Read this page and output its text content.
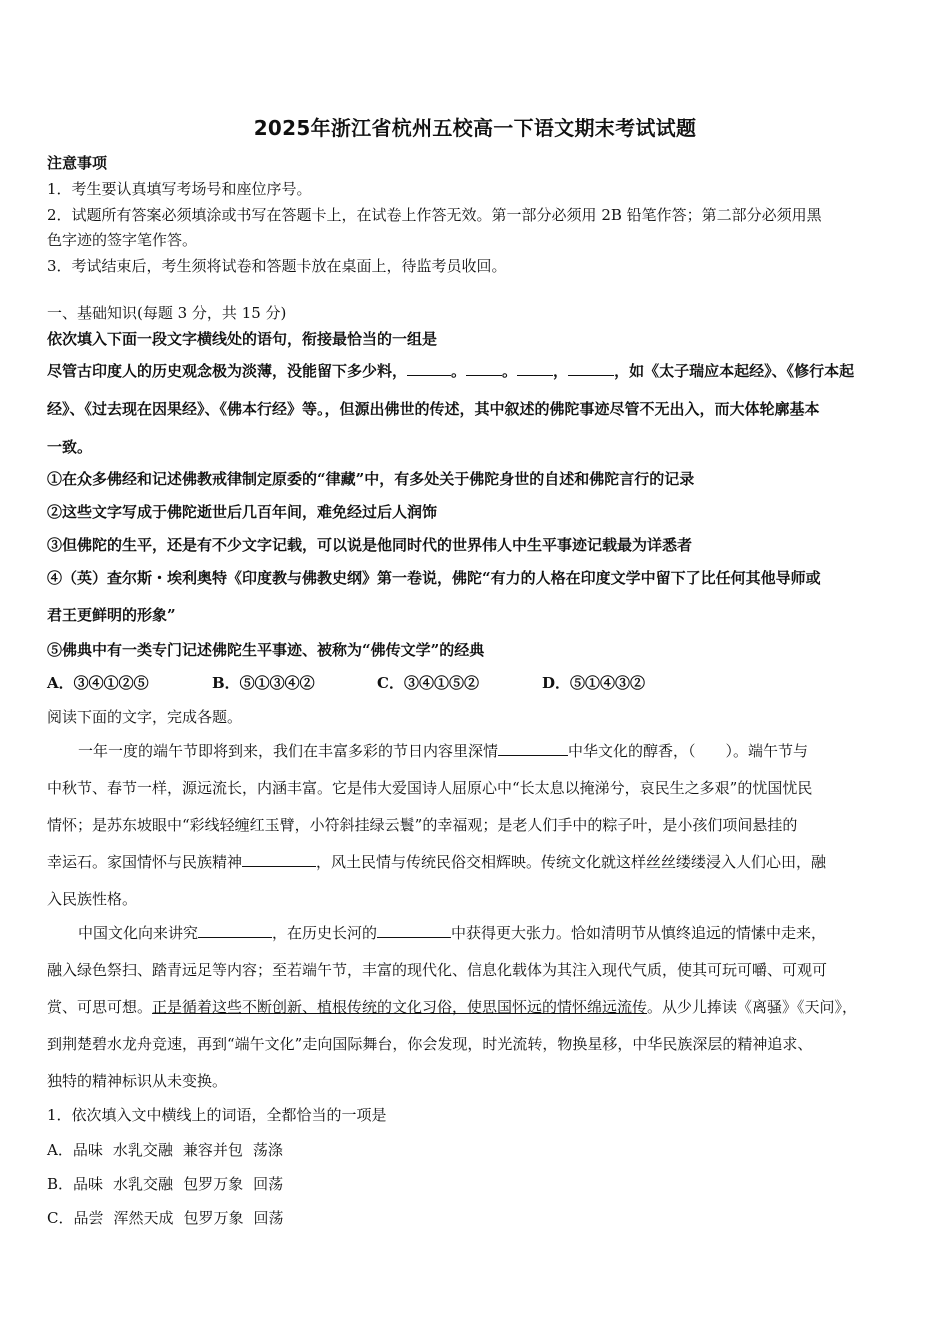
2025年浙江省杭州五校高一下语文期末考试试题
注意事项
1．考生要认真填写考场号和座位序号。
2．试题所有答案必须填涂或书写在答题卡上，在试卷上作答无效。第一部分必须用 2B 铅笔作答；第二部分必须用黑
色字迹的签字笔作答。
3．考试结束后，考生须将试卷和答题卡放在桌面上，待监考员收回。
一、基础知识(每题 3 分，共 15 分)
依次填入下面一段文字横线处的语句，衔接最恰当的一组是
尽管古印度人的历史观念极为淡薄，没能留下多少料，	。 。 ，	，如《太子瑞应本起经》、《修行本起
经》、《过去现在因果经》、《佛本行经》等。，但源出佛世的传述，其中叙述的佛陀事迹尽管不无出入，而大体轮廓基本
一致。
①在众多佛经和记述佛教戒律制定原委的“律藏”中，有多处关于佛陀身世的自述和佛陀言行的记录
②这些文字写成于佛陀逝世后几百年间，难免经过后人润饰
③但佛陀的生平，还是有不少文字记载，可以说是他同时代的世界伟人中生平事迹记载最为详悉者
④（英）查尔斯・埃利奥特《印度教与佛教史纲》第一卷说，佛陀“有力的人格在印度文学中留下了比任何其他导师或
君王更鲜明的形象”
⑤佛典中有一类专门记述佛陀生平事迹、被称为“佛传文学”的经典
A．③④①②⑤	B．⑤①③④②	C．③④①⑤②	D．⑤①④③②
阅读下面的文字，完成各题。
一年一度的端午节即将到来，我们在丰富多彩的节日内容里深情	中华文化的醇香，（　　）。端午节与
中秋节、春节一样，源远流长，内涵丰富。它是伟大爱国诗人屈原心中“长太息以掩涕兮，哀民生之多艰”的忧国忧民
情怀；是苏东坡眼中“彩线轻缠红玉臂，小符斜挂绿云鬟”的幸福观；是老人们手中的粽子叶，是小孩们项间悬挂的
幸运石。家国情怀与民族精神	，风土民情与传统民俗交相辉映。传统文化就这样丝丝缕缕浸入人们心田，融
入民族性格。
中国文化向来讲究	，在历史长河的	中获得更大张力。恰如清明节从慎终追远的情愫中走来，
融入绿色祭扫、踏青远足等内容；至若端午节，丰富的现代化、信息化载体为其注入现代气质，使其可玩可嚼、可观可
赏、可思可想。正是循着这些不断创新、植根传统的文化习俗，使思国怀远的情怀绵远流传。从少儿捧读《离骚》《天问》，
到荆楚碧水龙舟竞速，再到“端午文化”走向国际舞台，你会发现，时光流转，物换星移，中华民族深层的精神追求、
独特的精神标识从未变换。
1．依次填入文中横线上的词语，全都恰当的一项是
A．品味 水乳交融 兼容并包 荡涤
B．品味 水乳交融 包罗万象 回荡
C．品尝 浑然天成 包罗万象 回荡
